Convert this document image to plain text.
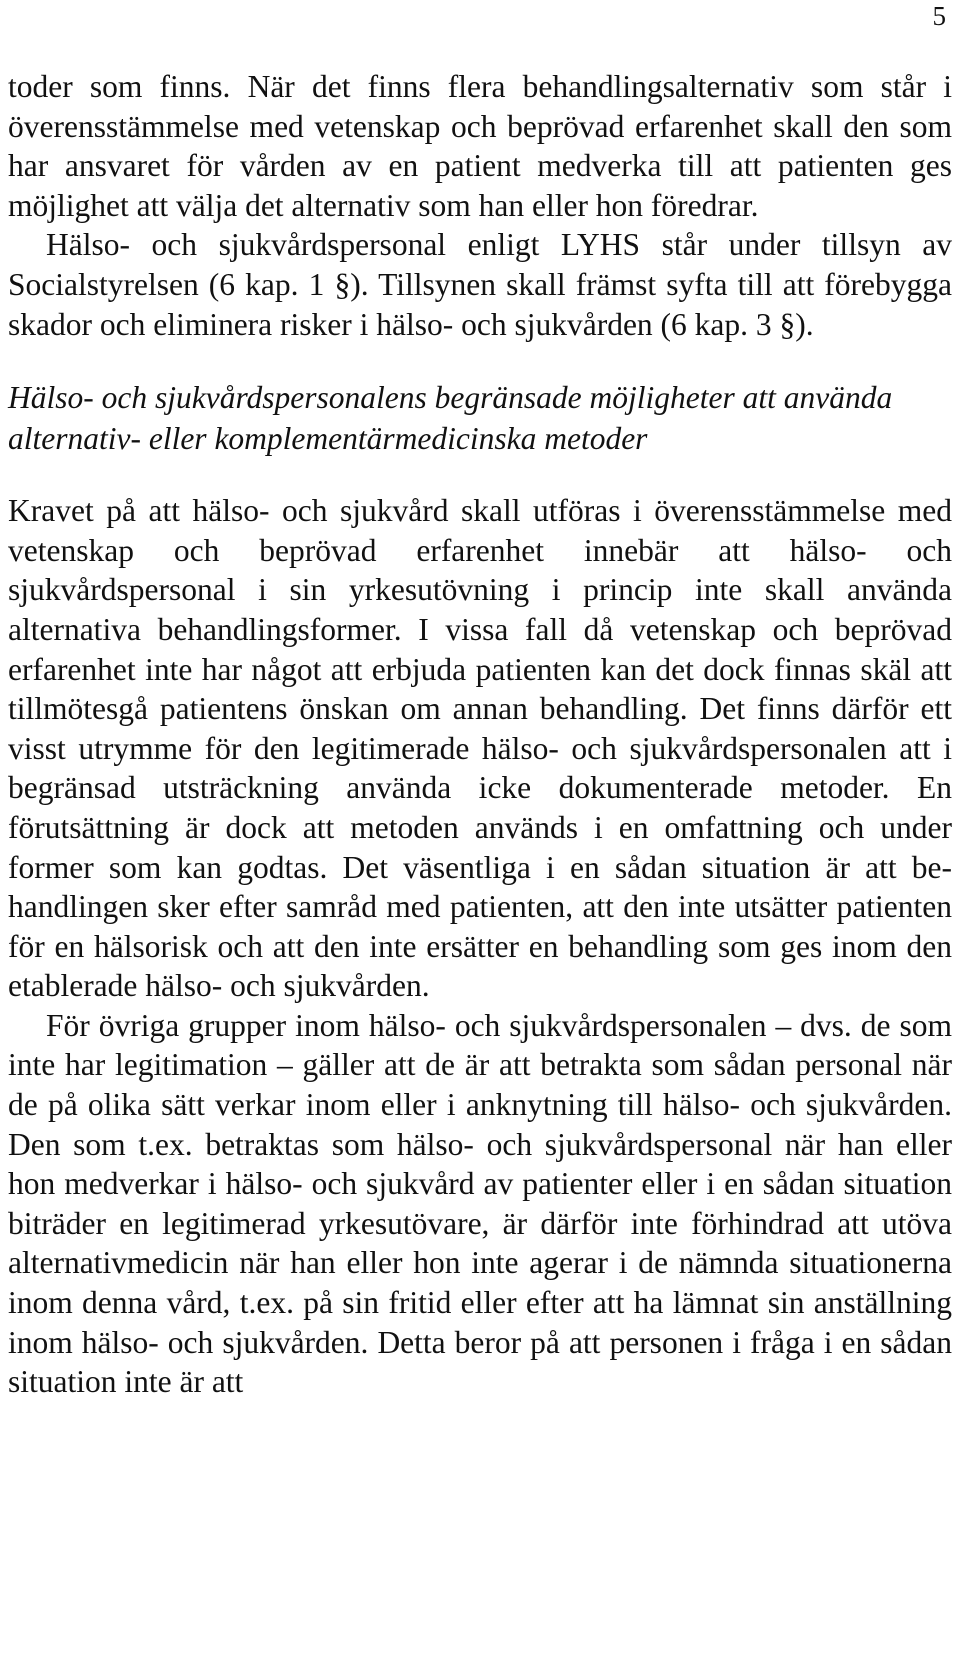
5

toder som finns. När det finns flera behandlingsalternativ som står i överensstämmelse med vetenskap och beprövad erfarenhet skall den som har ansvaret för vården av en patient medverka till att patienten ges möjlighet att välja det alternativ som han eller hon föredrar.

Hälso- och sjukvårdspersonal enligt LYHS står under tillsyn av Socialstyrelsen (6 kap. 1 §). Tillsynen skall främst syfta till att förebygga skador och eliminera risker i hälso- och sjukvården (6 kap. 3 §).

Hälso- och sjukvårdspersonalens begränsade möjligheter att använda alternativ- eller komplementärmedicinska metoder

Kravet på att hälso- och sjukvård skall utföras i överensstämmelse med vetenskap och beprövad erfarenhet innebär att hälso- och sjukvårdspersonal i sin yrkesutövning i princip inte skall använda alternativa behandlingsformer. I vissa fall då vetenskap och beprövad erfarenhet inte har något att erbjuda patienten kan det dock finnas skäl att tillmötesgå patientens önskan om annan behandling. Det finns därför ett visst utrymme för den legitimerade hälso- och sjukvårdspersonalen att i begränsad utsträckning använda icke dokumenterade metoder. En förutsättning är dock att metoden används i en omfattning och under former som kan godtas. Det väsentliga i en sådan situation är att behandlingen sker efter samråd med patienten, att den inte utsätter patienten för en hälsorisk och att den inte ersätter en behandling som ges inom den etablerade hälso- och sjukvården.

För övriga grupper inom hälso- och sjukvårdspersonalen – dvs. de som inte har legitimation – gäller att de är att betrakta som sådan personal när de på olika sätt verkar inom eller i anknytning till hälso- och sjukvården. Den som t.ex. betraktas som hälso- och sjukvårdspersonal när han eller hon medverkar i hälso- och sjukvård av patienter eller i en sådan situation biträder en legitimerad yrkesutövare, är därför inte förhindrad att utöva alternativmedicin när han eller hon inte agerar i de nämnda situationerna inom denna vård, t.ex. på sin fritid eller efter att ha lämnat sin anställning inom hälso- och sjukvården. Detta beror på att personen i fråga i en sådan situation inte är att
